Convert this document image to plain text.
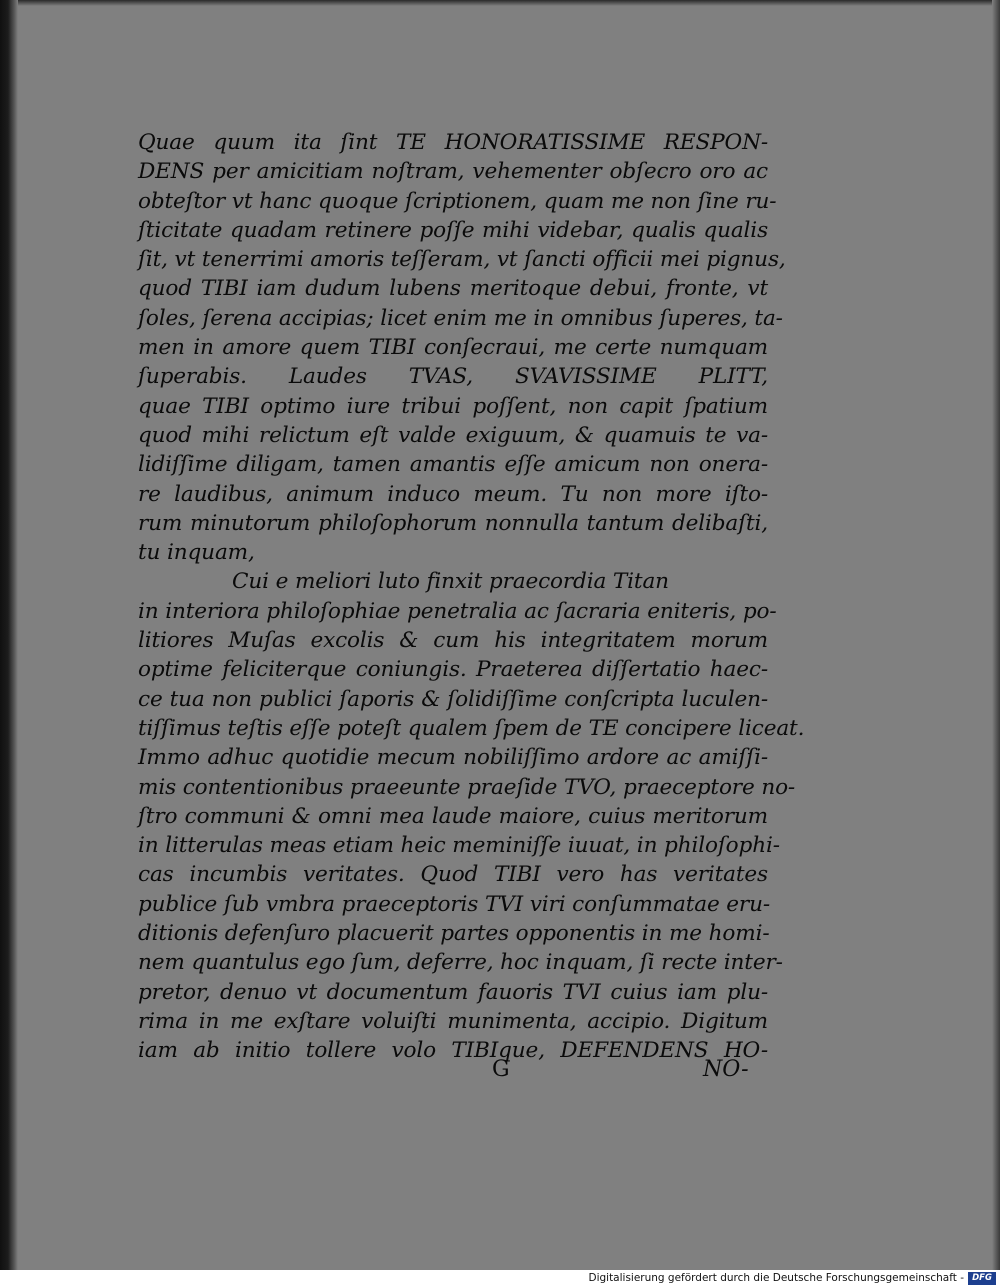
Quae quum ita ſint TE HONORATISSIME RESPON-
DENS per amicitiam noſtram, vehementer obſecro oro ac
obteſtor vt hanc quoque ſcriptionem, quam me non ſine ru-
ſticitate quadam retinere poſſe mihi videbar, qualis qualis
ſit, vt tenerrimi amoris teſſeram, vt ſancti officii mei pignus,
quod TIBI iam dudum lubens meritoque debui, fronte, vt
ſoles, ſerena accipias; licet enim me in omnibus ſuperes, ta-
men in amore quem TIBI conſecraui, me certe numquam
ſuperabis. Laudes TVAS, SVAVISSIME PLITT,
quae TIBI optimo iure tribui poſſent, non capit ſpatium
quod mihi relictum eſt valde exiguum, & quamuis te va-
lidiſſime diligam, tamen amantis eſſe amicum non onera-
re laudibus, animum induco meum. Tu non more iſto-
rum minutorum philoſophorum nonnulla tantum delibaſti,
tu inquam,
Cui e meliori luto finxit praecordia Titan
in interiora philoſophiae penetralia ac ſacraria eniteris, po-
litiores Muſas excolis & cum his integritatem morum
optime feliciterque coniungis. Praeterea diſſertatio haec-
ce tua non publici ſaporis & ſolidiſſime conſcripta luculen-
tiſſimus teſtis eſſe poteſt qualem ſpem de TE concipere liceat.
Immo adhuc quotidie mecum nobiliſſimo ardore ac amiſſi-
mis contentionibus praeeunte praeſide TVO, praeceptore no-
ſtro communi & omni mea laude maiore, cuius meritorum
in litterulas meas etiam heic meminiſſe iuuat, in philoſophi-
cas incumbis veritates. Quod TIBI vero has veritates
publice ſub vmbra praeceptoris TVI viri conſummatae eru-
ditionis defenſuro placuerit partes opponentis in me homi-
nem quantulus ego ſum, deferre, hoc inquam, ſi recte inter-
pretor, denuo vt documentum fauoris TVI cuius iam plu-
rima in me exſtare voluiſti munimenta, accipio. Digitum
iam ab initio tollere volo TIBIque, DEFENDENS HO-
G	NO-
Digitalisierung gefördert durch die Deutsche Forschungsgemeinschaft - DFG
